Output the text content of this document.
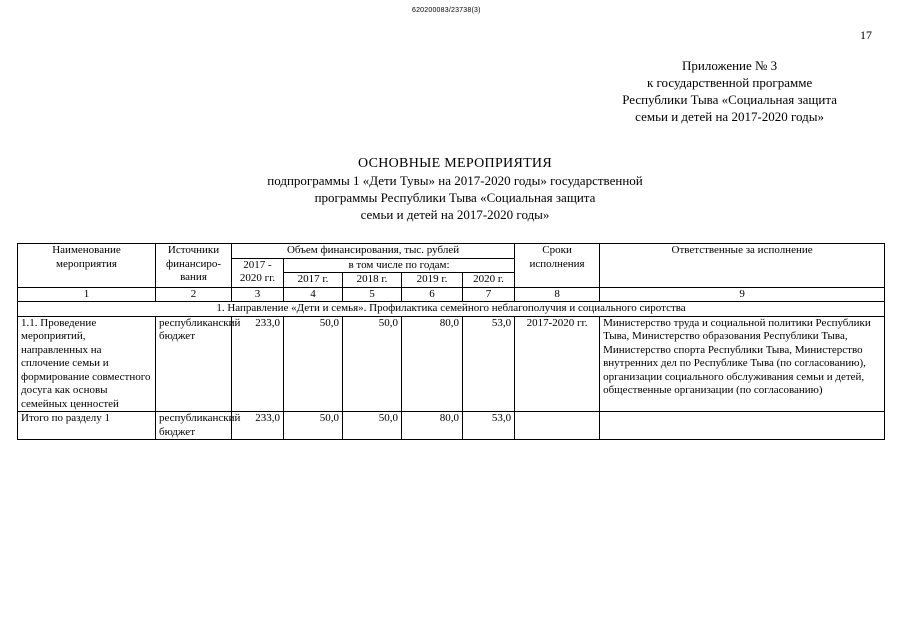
620200083/23738(3)
17
Приложение № 3
к государственной программе
Республики Тыва «Социальная защита
семьи и детей на 2017-2020 годы»
ОСНОВНЫЕ МЕРОПРИЯТИЯ
подпрограммы 1 «Дети Тувы» на 2017-2020 годы» государственной
программы Республики Тыва «Социальная защита
семьи и детей на 2017-2020 годы»
Наименование мероприятия	Источники финансиро-вания	Объем финансирования, тыс. рублей					Сроки исполнения	Ответственные за исполнение
		2017 - 2020 гг.	в том числе по годам:					
			2017 г.	2018 г.	2019 г.	2020 г.		
1	2	3	4	5	6	7	8	9
1. Направление «Дети и семья». Профилактика семейного неблагополучия и социального сиротства								
1.1. Проведение мероприятий, направленных на сплочение семьи и формирование совместного досуга как основы семейных ценностей	республиканский бюджет	233,0	50,0	50,0	80,0	53,0	2017-2020 гг.	Министерство труда и социальной политики Республики Тыва, Министерство образования Республики Тыва, Министерство спорта Республики Тыва, Министерство внутренних дел по Республике Тыва (по согласованию), организации социального обслуживания семьи и детей, общественные организации (по согласованию)
Итого по разделу 1	республиканский бюджет	233,0	50,0	50,0	80,0	53,0		
